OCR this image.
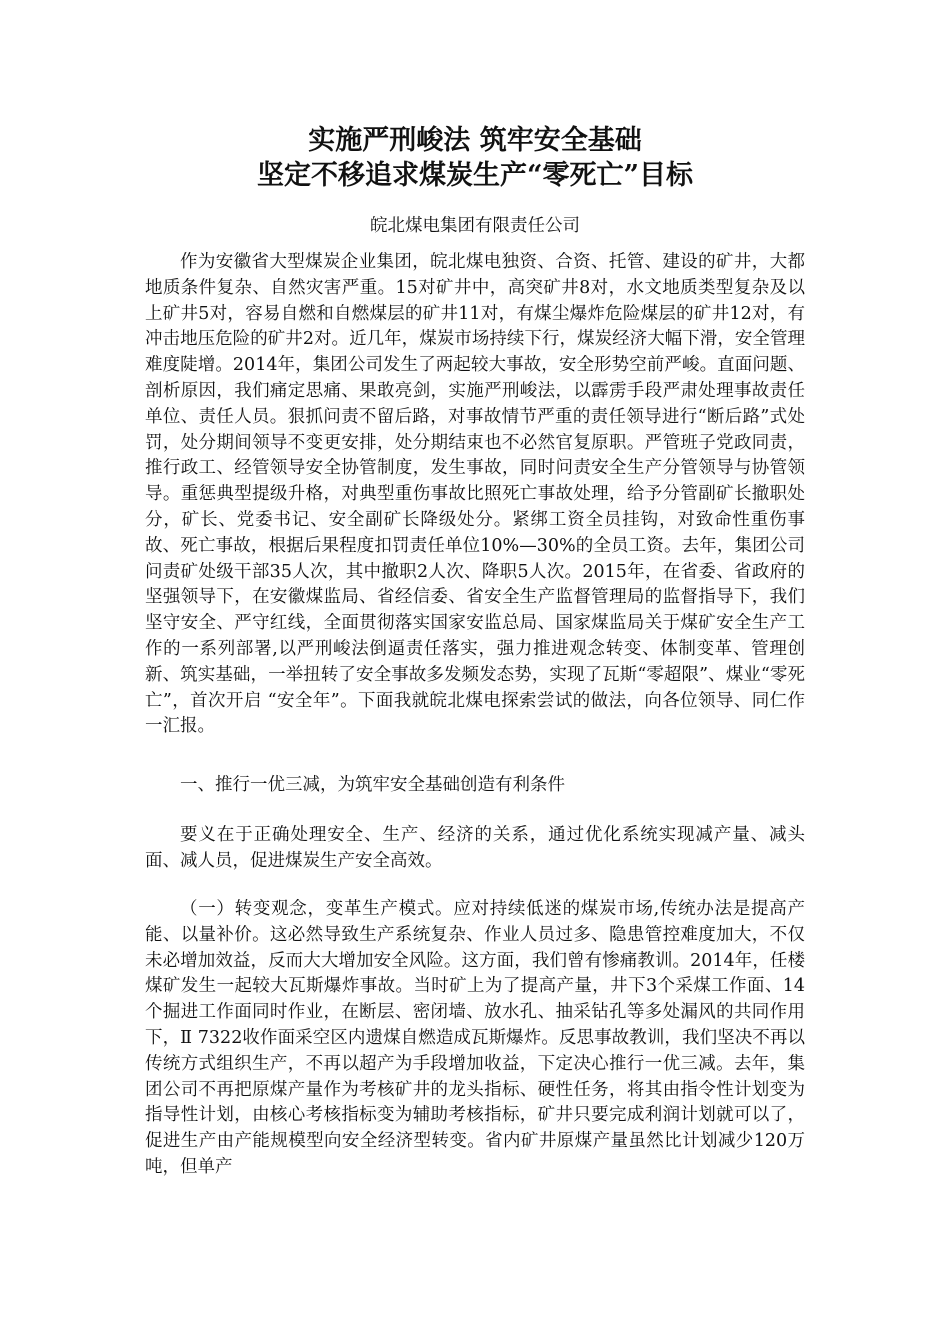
实施严刑峻法 筑牢安全基础
坚定不移追求煤炭生产“零死亡”目标

皖北煤电集团有限责任公司

作为安徽省大型煤炭企业集团，皖北煤电独资、合资、托管、建设的矿井，大都地质条件复杂、自然灾害严重。15对矿井中，高突矿井8对，水文地质类型复杂及以上矿井5对，容易自燃和自燃煤层的矿井11对，有煤尘爆炸危险煤层的矿井12对，有冲击地压危险的矿井2对。近几年，煤炭市场持续下行，煤炭经济大幅下滑，安全管理难度陡增。2014年，集团公司发生了两起较大事故，安全形势空前严峻。直面问题、剖析原因，我们痛定思痛、果敢亮剑，实施严刑峻法，以霹雳手段严肃处理事故责任单位、责任人员。狠抓问责不留后路，对事故情节严重的责任领导进行“断后路”式处罚，处分期间领导不变更安排，处分期结束也不必然官复原职。严管班子党政同责，推行政工、经管领导安全协管制度，发生事故，同时问责安全生产分管领导与协管领导。重惩典型提级升格，对典型重伤事故比照死亡事故处理，给予分管副矿长撤职处分，矿长、党委书记、安全副矿长降级处分。紧绑工资全员挂钩，对致命性重伤事故、死亡事故，根据后果程度扣罚责任单位10%—30%的全员工资。去年，集团公司问责矿处级干部35人次，其中撤职2人次、降职5人次。2015年，在省委、省政府的坚强领导下，在安徽煤监局、省经信委、省安全生产监督管理局的监督指导下，我们坚守安全、严守红线，全面贯彻落实国家安监总局、国家煤监局关于煤矿安全生产工作的一系列部署,以严刑峻法倒逼责任落实，强力推进观念转变、体制变革、管理创新、筑实基础，一举扭转了安全事故多发频发态势，实现了瓦斯“零超限”、煤业“零死亡”，首次开启 “安全年”。下面我就皖北煤电探索尝试的做法，向各位领导、同仁作一汇报。

一、推行一优三减，为筑牢安全基础创造有利条件

要义在于正确处理安全、生产、经济的关系，通过优化系统实现减产量、减头面、减人员，促进煤炭生产安全高效。

（一）转变观念，变革生产模式。应对持续低迷的煤炭市场,传统办法是提高产能、以量补价。这必然导致生产系统复杂、作业人员过多、隐患管控难度加大，不仅未必增加效益，反而大大增加安全风险。这方面，我们曾有惨痛教训。2014年，任楼煤矿发生一起较大瓦斯爆炸事故。当时矿上为了提高产量，井下3个采煤工作面、14个掘进工作面同时作业，在断层、密闭墙、放水孔、抽采钻孔等多处漏风的共同作用下，Ⅱ 7322收作面采空区内遗煤自燃造成瓦斯爆炸。反思事故教训，我们坚决不再以传统方式组织生产，不再以超产为手段增加收益，下定决心推行一优三减。去年，集团公司不再把原煤产量作为考核矿井的龙头指标、硬性任务，将其由指令性计划变为指导性计划，由核心考核指标变为辅助考核指标，矿井只要完成利润计划就可以了，促进生产由产能规模型向安全经济型转变。省内矿井原煤产量虽然比计划减少120万吨，但单产
